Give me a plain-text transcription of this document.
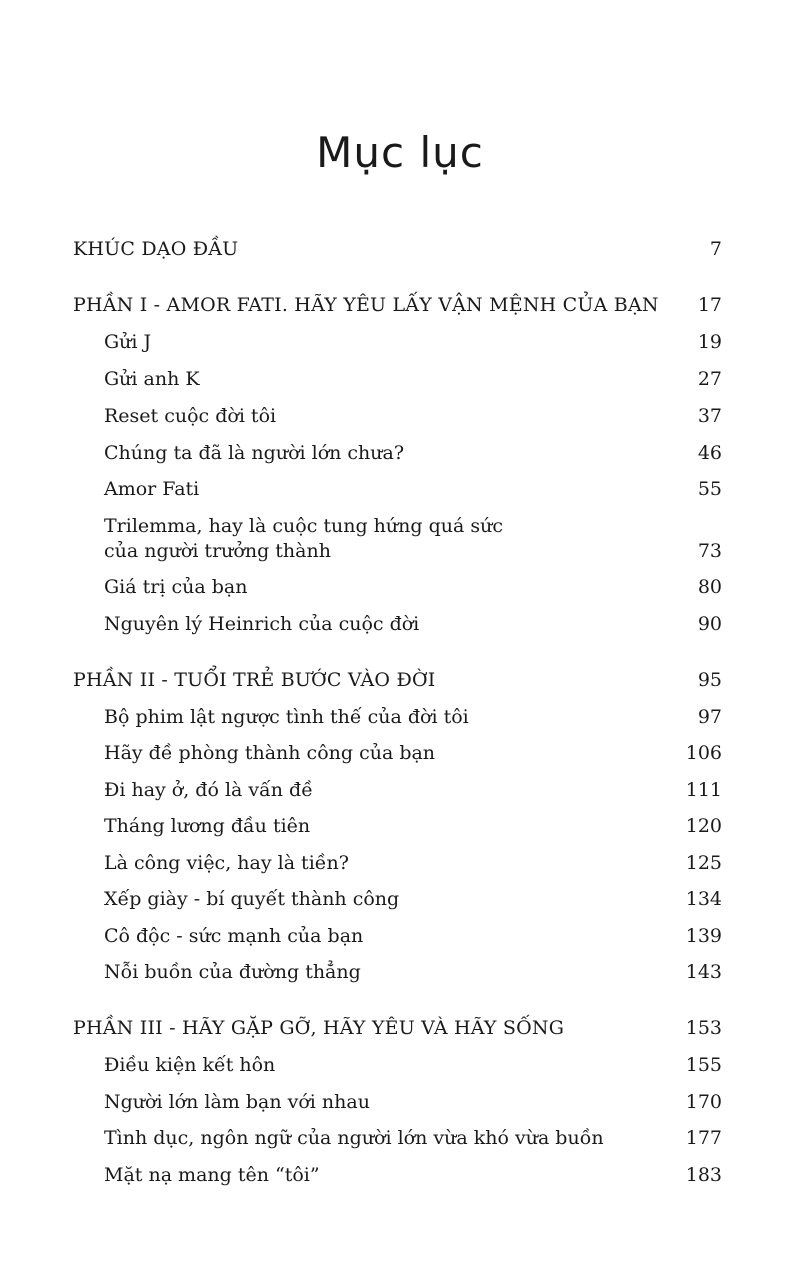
Mục lục
KHÚC DẠO ĐẦU	7
PHẦN I - AMOR FATI. HÃY YÊU LẤY VẬN MỆNH CỦA BẠN 17
Gửi J	19
Gửi anh K	27
Reset cuộc đời tôi	37
Chúng ta đã là người lớn chưa?	46
Amor Fati	55
Trilemma, hay là cuộc tung hứng quá sức
của người trưởng thành	73
Giá trị của bạn	80
Nguyên lý Heinrich của cuộc đời	90
PHẦN II - TUỔI TRẺ BƯỚC VÀO ĐỜI	95
Bộ phim lật ngược tình thế của đời tôi	97
Hãy đề phòng thành công của bạn	106
Đi hay ở, đó là vấn đề	111
Tháng lương đầu tiên	120
Là công việc, hay là tiền?	125
Xếp giày - bí quyết thành công	134
Cô độc - sức mạnh của bạn	139
Nỗi buồn của đường thẳng	143
PHẦN III - HÃY GẶP GỠ, HÃY YÊU VÀ HÃY SỐNG	153
Điều kiện kết hôn	155
Người lớn làm bạn với nhau	170
Tình dục, ngôn ngữ của người lớn vừa khó vừa buồn	177
Mặt nạ mang tên “tôi”	183
